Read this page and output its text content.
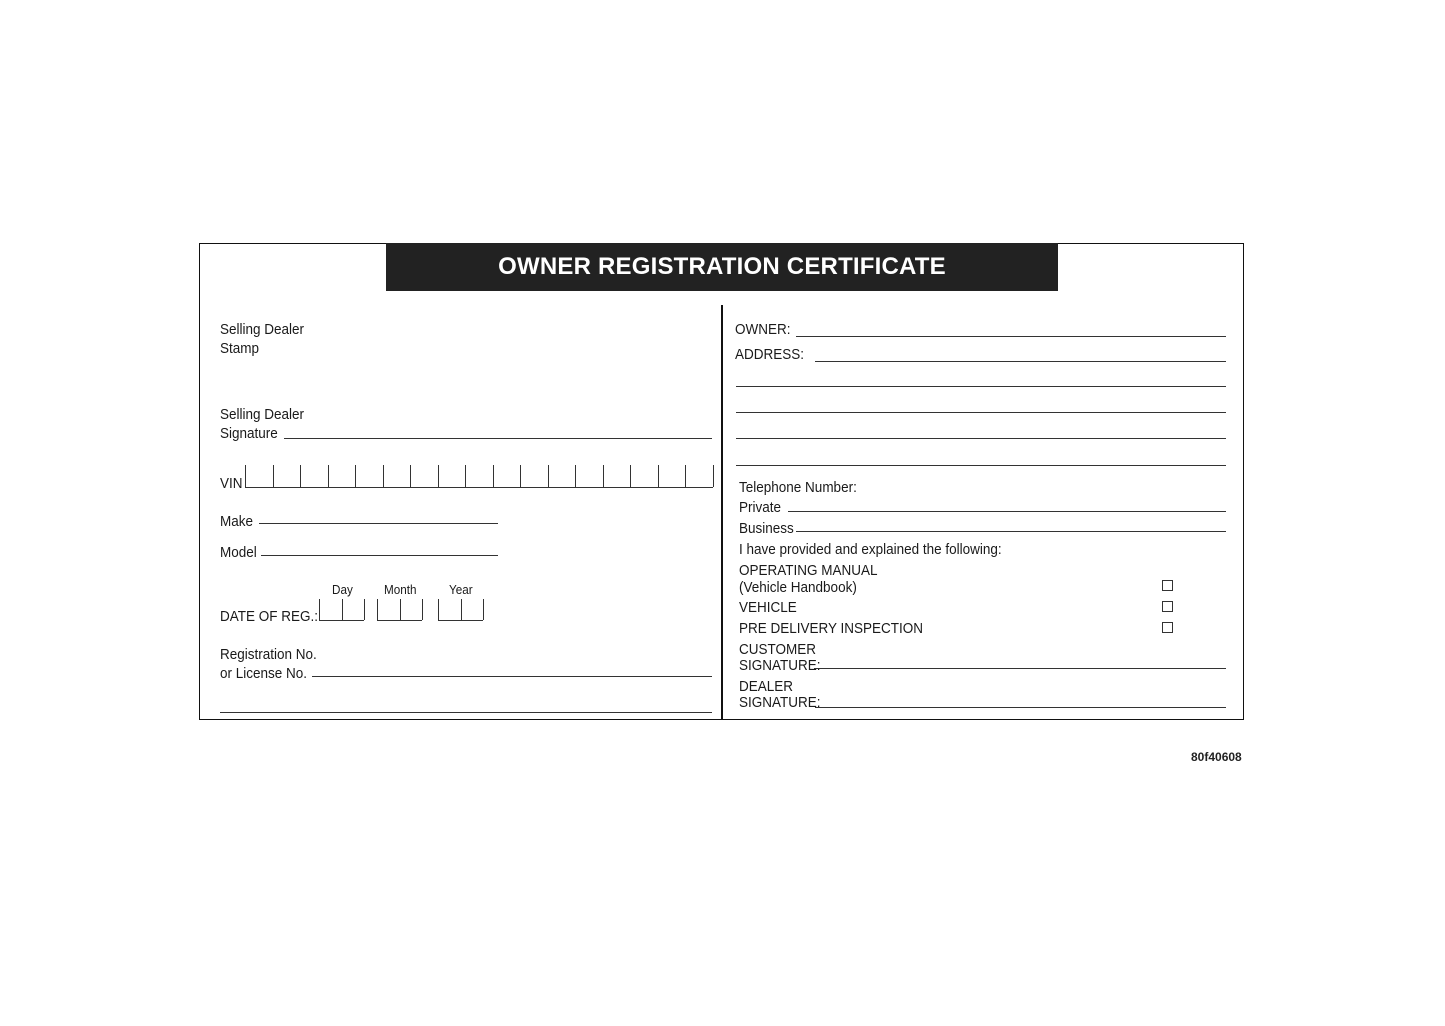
OWNER REGISTRATION CERTIFICATE
Selling Dealer
Stamp
Selling Dealer
Signature
VIN
Make
Model
Day Month Year
DATE OF REG.:
Registration No.
or License No.
OWNER:
ADDRESS:
Telephone Number:
Private
Business
I have provided and explained the following:
OPERATING MANUAL
(Vehicle Handbook)
VEHICLE
PRE DELIVERY INSPECTION
CUSTOMER
SIGNATURE:
DEALER
SIGNATURE:
80f40608
